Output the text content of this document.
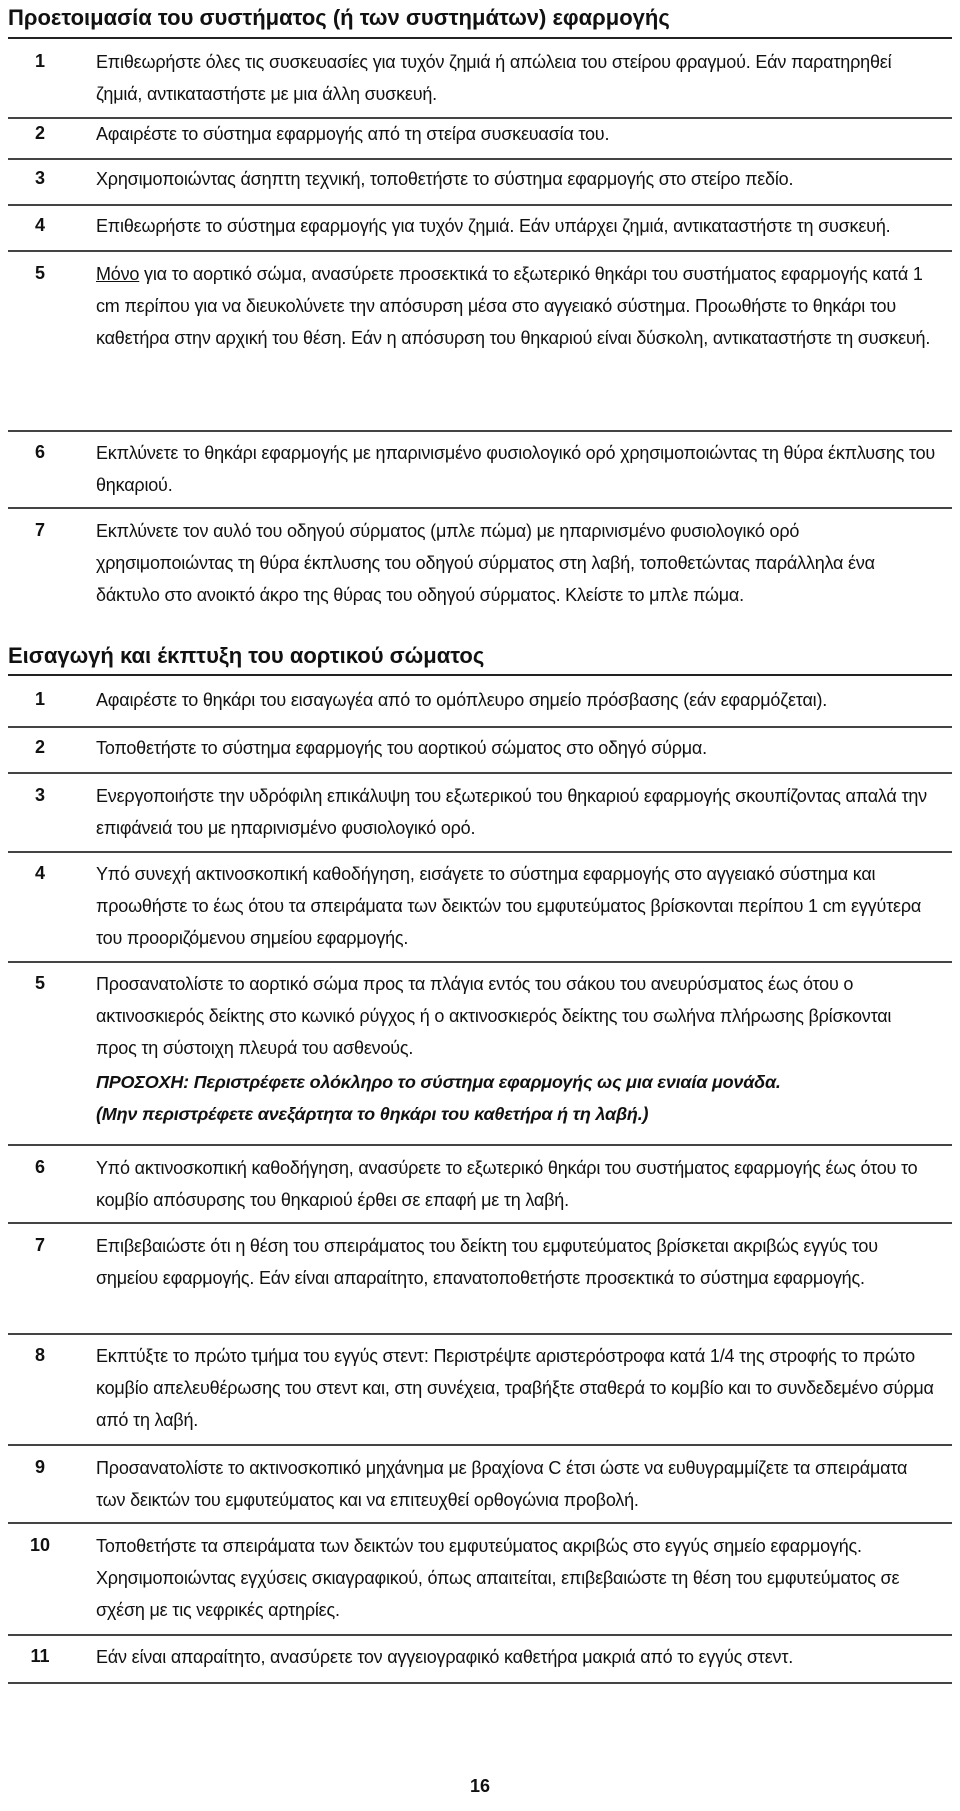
Προετοιμασία του συστήματος (ή των συστημάτων) εφαρμογής
1	Επιθεωρήστε όλες τις συσκευασίες για τυχόν ζημιά ή απώλεια του στείρου φραγμού. Εάν παρατηρηθεί ζημιά, αντικαταστήστε με μια άλλη συσκευή.
2	Αφαιρέστε το σύστημα εφαρμογής από τη στείρα συσκευασία του.
3	Χρησιμοποιώντας άσηπτη τεχνική, τοποθετήστε το σύστημα εφαρμογής στο στείρο πεδίο.
4	Επιθεωρήστε το σύστημα εφαρμογής για τυχόν ζημιά. Εάν υπάρχει ζημιά, αντικαταστήστε τη συσκευή.
5	Μόνο για το αορτικό σώμα, ανασύρετε προσεκτικά το εξωτερικό θηκάρι του συστήματος εφαρμογής κατά 1 cm περίπου για να διευκολύνετε την απόσυρση μέσα στο αγγειακό σύστημα. Προωθήστε το θηκάρι του καθετήρα στην αρχική του θέση. Εάν η απόσυρση του θηκαριού είναι δύσκολη, αντικαταστήστε τη συσκευή.
6	Εκπλύνετε το θηκάρι εφαρμογής με ηπαρινισμένο φυσιολογικό ορό χρησιμοποιώντας τη θύρα έκπλυσης του θηκαριού.
7	Εκπλύνετε τον αυλό του οδηγού σύρματος (μπλε πώμα) με ηπαρινισμένο φυσιολογικό ορό χρησιμοποιώντας τη θύρα έκπλυσης του οδηγού σύρματος στη λαβή, τοποθετώντας παράλληλα ένα δάκτυλο στο ανοικτό άκρο της θύρας του οδηγού σύρματος. Κλείστε το μπλε πώμα.
Εισαγωγή και έκπτυξη του αορτικού σώματος
1	Αφαιρέστε το θηκάρι του εισαγωγέα από το ομόπλευρο σημείο πρόσβασης (εάν εφαρμόζεται).
2	Τοποθετήστε το σύστημα εφαρμογής του αορτικού σώματος στο οδηγό σύρμα.
3	Ενεργοποιήστε την υδρόφιλη επικάλυψη του εξωτερικού του θηκαριού εφαρμογής σκουπίζοντας απαλά την επιφάνειά του με ηπαρινισμένο φυσιολογικό ορό.
4	Υπό συνεχή ακτινοσκοπική καθοδήγηση, εισάγετε το σύστημα εφαρμογής στο αγγειακό σύστημα και προωθήστε το έως ότου τα σπειράματα των δεικτών του εμφυτεύματος βρίσκονται περίπου 1 cm εγγύτερα του προοριζόμενου σημείου εφαρμογής.
5	Προσανατολίστε το αορτικό σώμα προς τα πλάγια εντός του σάκου του ανευρύσματος έως ότου ο ακτινοσκιερός δείκτης στο κωνικό ρύγχος ή ο ακτινοσκιερός δείκτης του σωλήνα πλήρωσης βρίσκονται προς τη σύστοιχη πλευρά του ασθενούς.
ΠΡΟΣΟΧΗ: Περιστρέφετε ολόκληρο το σύστημα εφαρμογής ως μια ενιαία μονάδα.
(Μην περιστρέφετε ανεξάρτητα το θηκάρι του καθετήρα ή τη λαβή.)
6	Υπό ακτινοσκοπική καθοδήγηση, ανασύρετε το εξωτερικό θηκάρι του συστήματος εφαρμογής έως ότου το κομβίο απόσυρσης του θηκαριού έρθει σε επαφή με τη λαβή.
7	Επιβεβαιώστε ότι η θέση του σπειράματος του δείκτη του εμφυτεύματος βρίσκεται ακριβώς εγγύς του σημείου εφαρμογής. Εάν είναι απαραίτητο, επανατοποθετήστε προσεκτικά το σύστημα εφαρμογής.
8	Εκπτύξτε το πρώτο τμήμα του εγγύς στεντ: Περιστρέψτε αριστερόστροφα κατά 1/4 της στροφής το πρώτο κομβίο απελευθέρωσης του στεντ και, στη συνέχεια, τραβήξτε σταθερά το κομβίο και το συνδεδεμένο σύρμα από τη λαβή.
9	Προσανατολίστε το ακτινοσκοπικό μηχάνημα με βραχίονα C έτσι ώστε να ευθυγραμμίζετε τα σπειράματα των δεικτών του εμφυτεύματος και να επιτευχθεί ορθογώνια προβολή.
10	Τοποθετήστε τα σπειράματα των δεικτών του εμφυτεύματος ακριβώς στο εγγύς σημείο εφαρμογής. Χρησιμοποιώντας εγχύσεις σκιαγραφικού, όπως απαιτείται, επιβεβαιώστε τη θέση του εμφυτεύματος σε σχέση με τις νεφρικές αρτηρίες.
11	Εάν είναι απαραίτητο, ανασύρετε τον αγγειογραφικό καθετήρα μακριά από το εγγύς στεντ.
16
